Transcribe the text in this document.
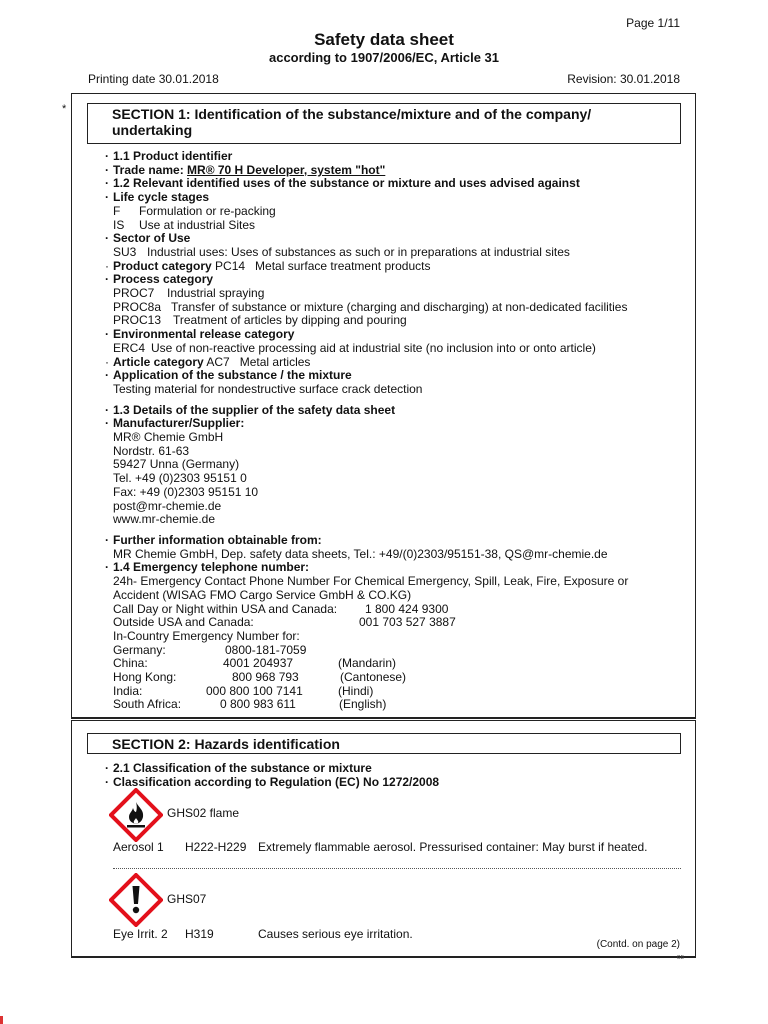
Page 1/11
Safety data sheet
according to 1907/2006/EC, Article 31
Printing date 30.01.2018	Revision: 30.01.2018
*	SECTION 1: Identification of the substance/mixture and of the company/
undertaking
· 1.1 Product identifier
· Trade name: MR® 70 H Developer, system "hot"
· 1.2 Relevant identified uses of the substance or mixture and uses advised against
· Life cycle stages
F Formulation or re-packing
IS Use at industrial Sites
· Sector of Use
SU3 Industrial uses: Uses of substances as such or in preparations at industrial sites
· Product category PC14   Metal surface treatment products
· Process category
PROC7 Industrial spraying
PROC8a Transfer of substance or mixture (charging and discharging) at non-dedicated facilities
PROC13 Treatment of articles by dipping and pouring
· Environmental release category
ERC4 Use of non-reactive processing aid at industrial site (no inclusion into or onto article)
· Article category AC7   Metal articles
· Application of the substance / the mixture
Testing material for nondestructive surface crack detection
· 1.3 Details of the supplier of the safety data sheet
· Manufacturer/Supplier:
MR® Chemie GmbH
Nordstr. 61-63
59427 Unna (Germany)
Tel. +49 (0)2303 95151 0
Fax: +49 (0)2303 95151 10
post@mr-chemie.de
www.mr-chemie.de
· Further information obtainable from:
MR Chemie GmbH, Dep. safety data sheets, Tel.: +49/(0)2303/95151-38, QS@mr-chemie.de
· 1.4 Emergency telephone number:
24h- Emergency Contact Phone Number For Chemical Emergency, Spill, Leak, Fire, Exposure or
Accident (WISAG FMO Cargo Service GmbH & CO.KG)
Call Day or Night within USA and Canada: 1 800 424 9300
Outside USA and Canada:	001 703 527 3887
In-Country Emergency Number for:
Germany:	0800-181-7059
China:	4001 204937	(Mandarin)
Hong Kong:	800 968 793	(Cantonese)
India:	000 800 100 7141	(Hindi)
South Africa:	0 800 983 611	(English)
SECTION 2: Hazards identification
· 2.1 Classification of the substance or mixture
· Classification according to Regulation (EC) No 1272/2008
GHS02 flame
Aerosol 1 H222-H229 Extremely flammable aerosol. Pressurised container: May burst if heated.
GHS07
Eye Irrit. 2 H319	Causes serious eye irritation.
(Contd. on page 2)
GB
